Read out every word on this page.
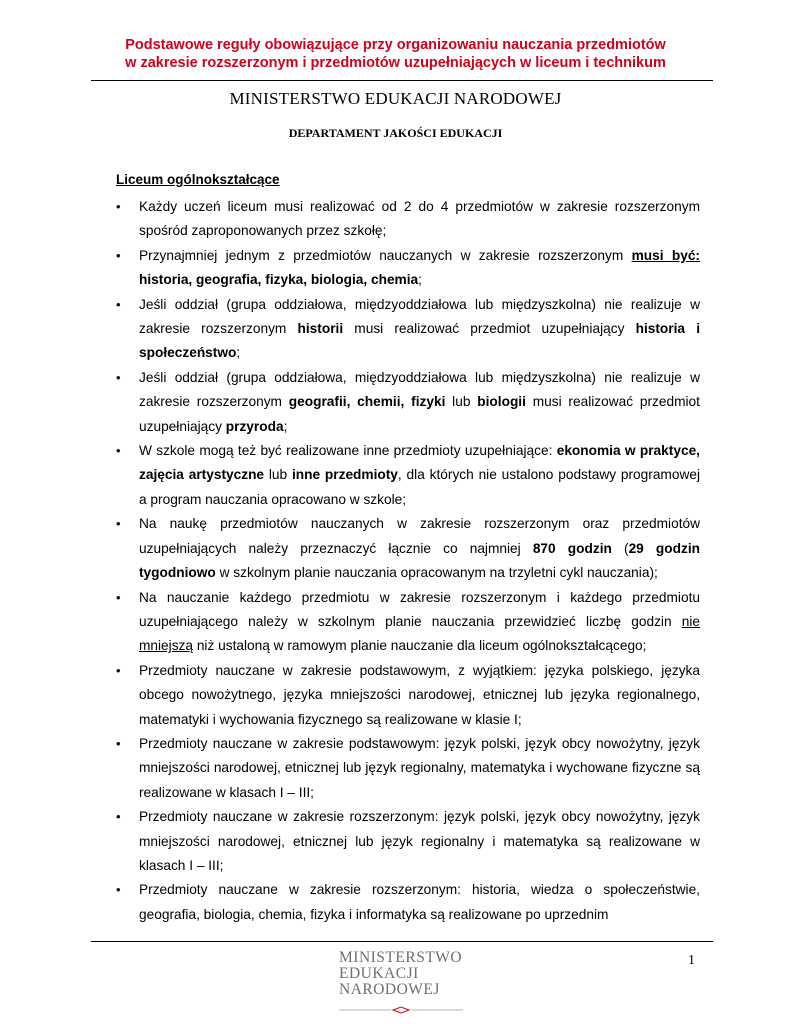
Podstawowe reguły obowiązujące przy organizowaniu nauczania przedmiotów
w zakresie rozszerzonym i przedmiotów uzupełniających w liceum i technikum
MINISTERSTWO EDUKACJI NARODOWEJ
DEPARTAMENT JAKOŚCI EDUKACJI
Liceum ogólnokształcące
• Każdy uczeń liceum musi realizować od 2 do 4 przedmiotów w zakresie rozszerzonym spośród zaproponowanych przez szkołę;
• Przynajmniej jednym z przedmiotów nauczanych w zakresie rozszerzonym musi być: historia, geografia, fizyka, biologia, chemia;
• Jeśli oddział (grupa oddziałowa, międzyoddziałowa lub międzyszkolna) nie realizuje w zakresie rozszerzonym historii musi realizować przedmiot uzupełniający historia i społeczeństwo;
• Jeśli oddział (grupa oddziałowa, międzyoddziałowa lub międzyszkolna) nie realizuje w zakresie rozszerzonym geografii, chemii, fizyki lub biologii musi realizować przedmiot uzupełniający przyroda;
• W szkole mogą też być realizowane inne przedmioty uzupełniające: ekonomia w praktyce, zajęcia artystyczne lub inne przedmioty, dla których nie ustalono podstawy programowej a program nauczania opracowano w szkole;
• Na naukę przedmiotów nauczanych w zakresie rozszerzonym oraz przedmiotów uzupełniających należy przeznaczyć łącznie co najmniej 870 godzin (29 godzin tygodniowo w szkolnym planie nauczania opracowanym na trzyletni cykl nauczania);
• Na nauczanie każdego przedmiotu w zakresie rozszerzonym i każdego przedmiotu uzupełniającego należy w szkolnym planie nauczania przewidzieć liczbę godzin nie mniejszą niż ustaloną w ramowym planie nauczanie dla liceum ogólnokształcącego;
• Przedmioty nauczane w zakresie podstawowym, z wyjątkiem: języka polskiego, języka obcego nowożytnego, języka mniejszości narodowej, etnicznej lub języka regionalnego, matematyki i wychowania fizycznego są realizowane w klasie I;
• Przedmioty nauczane w zakresie podstawowym: język polski, język obcy nowożytny, język mniejszości narodowej, etnicznej lub język regionalny, matematyka i wychowane fizyczne są realizowane w klasach I – III;
• Przedmioty nauczane w zakresie rozszerzonym: język polski, język obcy nowożytny, język mniejszości narodowej, etnicznej lub język regionalny i matematyka są realizowane w klasach I – III;
• Przedmioty nauczane w zakresie rozszerzonym: historia, wiedza o społeczeństwie, geografia, biologia, chemia, fizyka i informatyka są realizowane po uprzednim
MINISTERSTWO
EDUKACJI
NARODOWEJ
1
